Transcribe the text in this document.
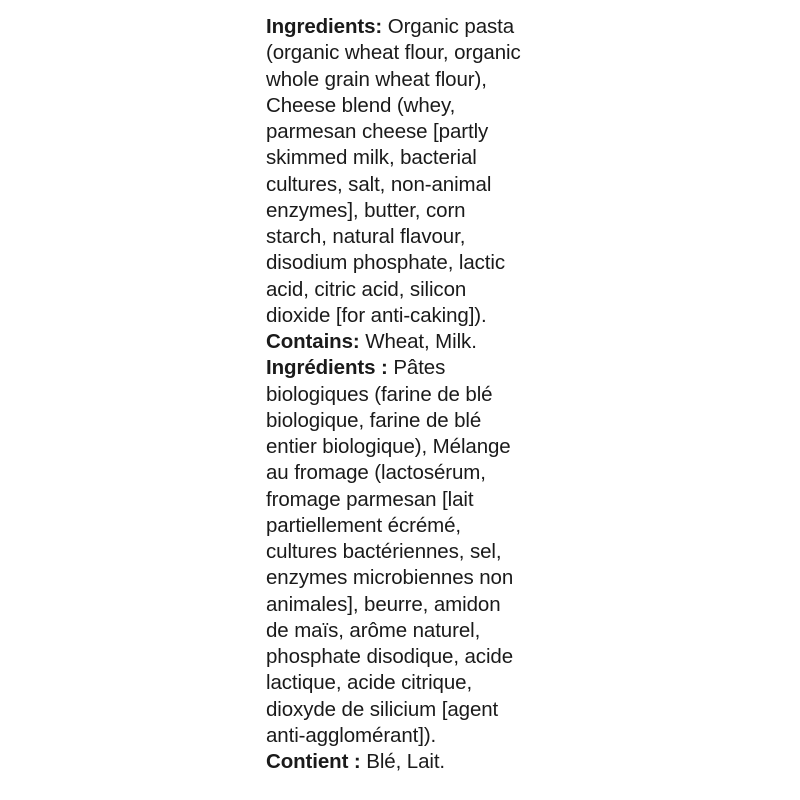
Ingredients: Organic pasta
(organic wheat flour, organic
whole grain wheat flour),
Cheese blend (whey,
parmesan cheese [partly
skimmed milk, bacterial
cultures, salt, non-animal
enzymes], butter, corn
starch, natural flavour,
disodium phosphate, lactic
acid, citric acid, silicon
dioxide [for anti-caking]).
Contains: Wheat, Milk.
Ingrédients : Pâtes
biologiques (farine de blé
biologique, farine de blé
entier biologique), Mélange
au fromage (lactosérum,
fromage parmesan [lait
partiellement écrémé,
cultures bactériennes, sel,
enzymes microbiennes non
animales], beurre, amidon
de maïs, arôme naturel,
phosphate disodique, acide
lactique, acide citrique,
dioxyde de silicium [agent
anti-agglomérant]).
Contient : Blé, Lait.
